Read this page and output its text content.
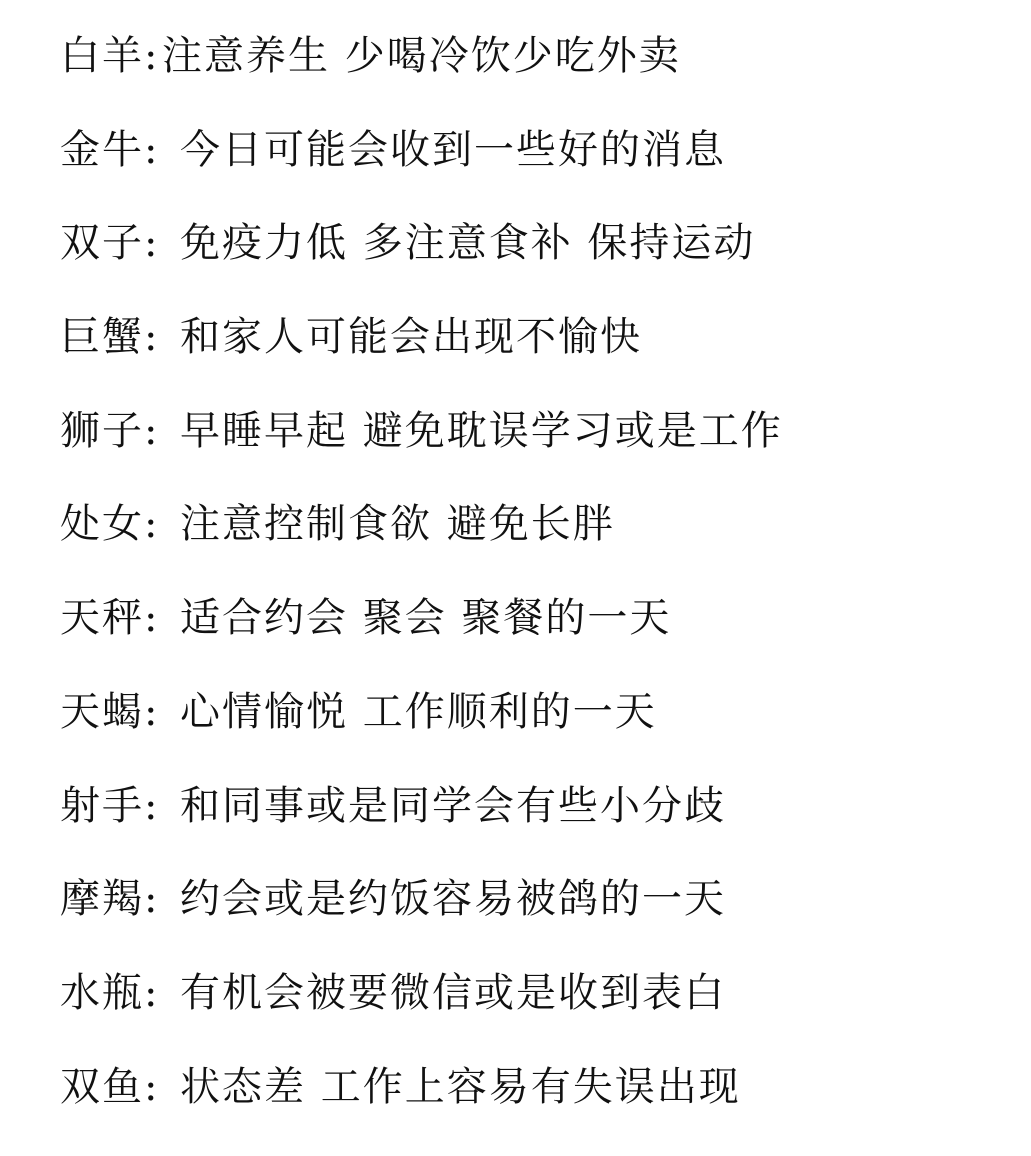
白羊 : 注意养生 少喝冷饮少吃外卖
金牛 : 今日可能会收到一些好的消息
双子 : 免疫力低 多注意食补 保持运动
巨蟹 : 和家人可能会出现不愉快
狮子 : 早睡早起 避免耽误学习或是工作
处女 : 注意控制食欲 避免长胖
天秤 : 适合约会 聚会 聚餐的一天
天蝎 : 心情愉悦 工作顺利的一天
射手 : 和同事或是同学会有些小分歧
摩羯 : 约会或是约饭容易被鸽的一天
水瓶 : 有机会被要微信或是收到表白
双鱼 : 状态差 工作上容易有失误出现
